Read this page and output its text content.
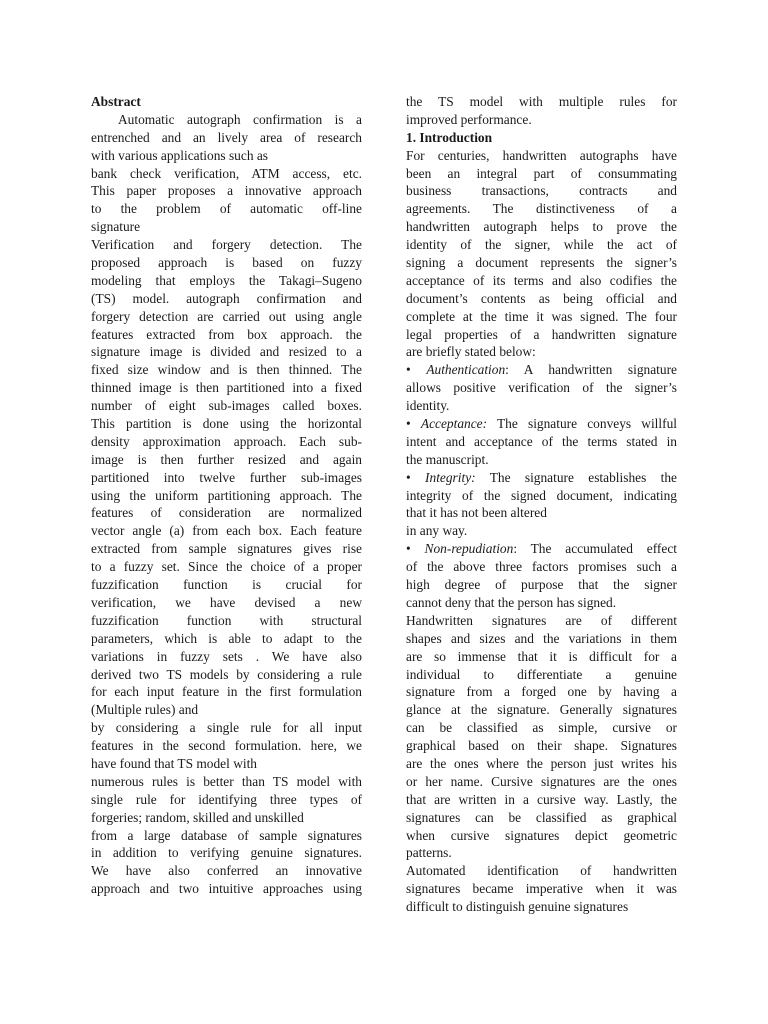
Abstract
Automatic autograph confirmation is a
entrenched and an lively area of research
with various applications such as
bank check verification, ATM access, etc.
This paper proposes a innovative approach
to the problem of automatic off-line
signature
Verification and forgery detection. The
proposed approach is based on fuzzy
modeling that employs the Takagi–Sugeno
(TS) model. autograph confirmation and
forgery detection are carried out using angle
features extracted from box approach. the
signature image is divided and resized to a
fixed size window and is then thinned. The
thinned image is then partitioned into a fixed
number of eight sub-images called boxes.
This partition is done using the horizontal
density approximation approach. Each sub-
image is then further resized and again
partitioned into twelve further sub-images
using the uniform partitioning approach. The
features of consideration are normalized
vector angle (a) from each box. Each feature
extracted from sample signatures gives rise
to a fuzzy set. Since the choice of a proper
fuzzification function is crucial for
verification, we have devised a new
fuzzification function with structural
parameters, which is able to adapt to the
variations in fuzzy sets . We have also
derived two TS models by considering a rule
for each input feature in the first formulation
(Multiple rules) and
by considering a single rule for all input
features in the second formulation. here, we
have found that TS model with
numerous rules is better than TS model with
single rule for identifying three types of
forgeries; random, skilled and unskilled
from a large database of sample signatures
in addition to verifying genuine signatures.
We have also conferred an innovative
approach and two intuitive approaches using
the TS model with multiple rules for
improved performance.
1. Introduction
For centuries, handwritten autographs have
been an integral part of consummating
business transactions, contracts and
agreements. The distinctiveness of a
handwritten autograph helps to prove the
identity of the signer, while the act of
signing a document represents the signer’s
acceptance of its terms and also codifies the
document’s contents as being official and
complete at the time it was signed. The four
legal properties of a handwritten signature
are briefly stated below:
• Authentication: A handwritten signature
allows positive verification of the signer’s
identity.
• Acceptance: The signature conveys willful
intent and acceptance of the terms stated in
the manuscript.
• Integrity: The signature establishes the
integrity of the signed document, indicating
that it has not been altered
in any way.
• Non-repudiation: The accumulated effect
of the above three factors promises such a
high degree of purpose that the signer
cannot deny that the person has signed.
Handwritten signatures are of different
shapes and sizes and the variations in them
are so immense that it is difficult for a
individual to differentiate a genuine
signature from a forged one by having a
glance at the signature. Generally signatures
can be classified as simple, cursive or
graphical based on their shape. Signatures
are the ones where the person just writes his
or her name. Cursive signatures are the ones
that are written in a cursive way. Lastly, the
signatures can be classified as graphical
when cursive signatures depict geometric
patterns.
Automated identification of handwritten
signatures became imperative when it was
difficult to distinguish genuine signatures
